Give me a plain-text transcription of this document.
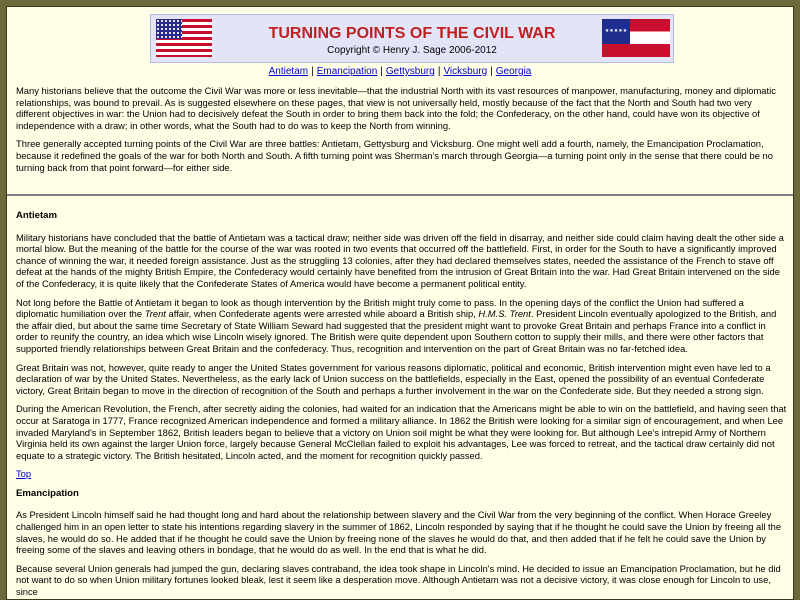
TURNING POINTS OF THE CIVIL WAR
Copyright © Henry J. Sage 2006-2012
★★★★★
Antietam | Emancipation | Gettysburg | Vicksburg | Georgia

Many historians believe that the outcome the Civil War was more or less inevitable—that the industrial North with its vast resources of manpower, manufacturing, money and diplomatic relationships, was bound to prevail. As is suggested elsewhere on these pages, that view is not universally held, mostly because of the fact that the North and South had two very different objectives in war: the Union had to decisively defeat the South in order to bring them back into the fold; the Confederacy, on the other hand, could have won its objective of independence with a draw; in other words, what the South had to do was to keep the North from winning.

Three generally accepted turning points of the Civil War are three battles: Antietam, Gettysburg and Vicksburg. One might well add a fourth, namely, the Emancipation Proclamation, because it redefined the goals of the war for both North and South. A fifth turning point was Sherman's march through Georgia—a turning point only in the sense that there could be no turning back from that point forward—for either side.

Antietam

Military historians have concluded that the battle of Antietam was a tactical draw; neither side was driven off the field in disarray, and neither side could claim having dealt the other side a mortal blow. But the meaning of the battle for the course of the war was rooted in two events that occurred off the battlefield. First, in order for the South to have a significantly improved chance of winning the war, it needed foreign assistance. Just as the struggling 13 colonies, after they had declared themselves states, needed the assistance of the French to stave off defeat at the hands of the mighty British Empire, the Confederacy would certainly have benefited from the intrusion of Great Britain into the war. Had Great Britain intervened on the side of the Confederacy, it is quite likely that the Confederate States of America would have become a permanent political entity.

Not long before the Battle of Antietam it began to look as though intervention by the British might truly come to pass. In the opening days of the conflict the Union had suffered a diplomatic humiliation over the Trent affair, when Confederate agents were arrested while aboard a British ship, H.M.S. Trent. President Lincoln eventually apologized to the British, and the affair died, but about the same time Secretary of State William Seward had suggested that the president might want to provoke Great Britain and perhaps France into a conflict in order to reunify the country, an idea which wise Lincoln wisely ignored. The British were quite dependent upon Southern cotton to supply their mills, and there were other factors that supported friendly relationships between Great Britain and the confederacy. Thus, recognition and intervention on the part of Great Britain was no far-fetched idea.

Great Britain was not, however, quite ready to anger the United States government for various reasons diplomatic, political and economic, British intervention might even have led to a declaration of war by the United States. Nevertheless, as the early lack of Union success on the battlefields, especially in the East, opened the possibility of an eventual Confederate victory, Great Britain began to move in the direction of recognition of the South and perhaps a further involvement in the war on the Confederate side. But they needed a strong sign.

During the American Revolution, the French, after secretly aiding the colonies, had waited for an indication that the Americans might be able to win on the battlefield, and having seen that occur at Saratoga in 1777, France recognized American independence and formed a military alliance. In 1862 the British were looking for a similar sign of encouragement, and when Lee invaded Maryland's in September 1862, British leaders began to believe that a victory on Union soil might be what they were looking for. But although Lee's intrepid Army of Northern Virginia held its own against the larger Union force, largely because General McClellan failed to exploit his advantages, Lee was forced to retreat, and the tactical draw certainly did not equate to a strategic victory. The British hesitated, Lincoln acted, and the moment for recognition quickly passed.

Top
Emancipation

As President Lincoln himself said he had thought long and hard about the relationship between slavery and the Civil War from the very beginning of the conflict. When Horace Greeley challenged him in an open letter to state his intentions regarding slavery in the summer of 1862, Lincoln responded by saying that if he thought he could save the Union by freeing all the slaves, he would do so. He added that if he thought he could save the Union by freeing none of the slaves he would do that, and then added that if he felt he could save the Union by freeing some of the slaves and leaving others in bondage, that he would do as well. In the end that is what he did.

Because several Union generals had jumped the gun, declaring slaves contraband, the idea took shape in Lincoln's mind. He decided to issue an Emancipation Proclamation, but he did not want to do so when Union military fortunes looked bleak, lest it seem like a desperation move. Although Antietam was not a decisive victory, it was close enough for Lincoln to use, since
